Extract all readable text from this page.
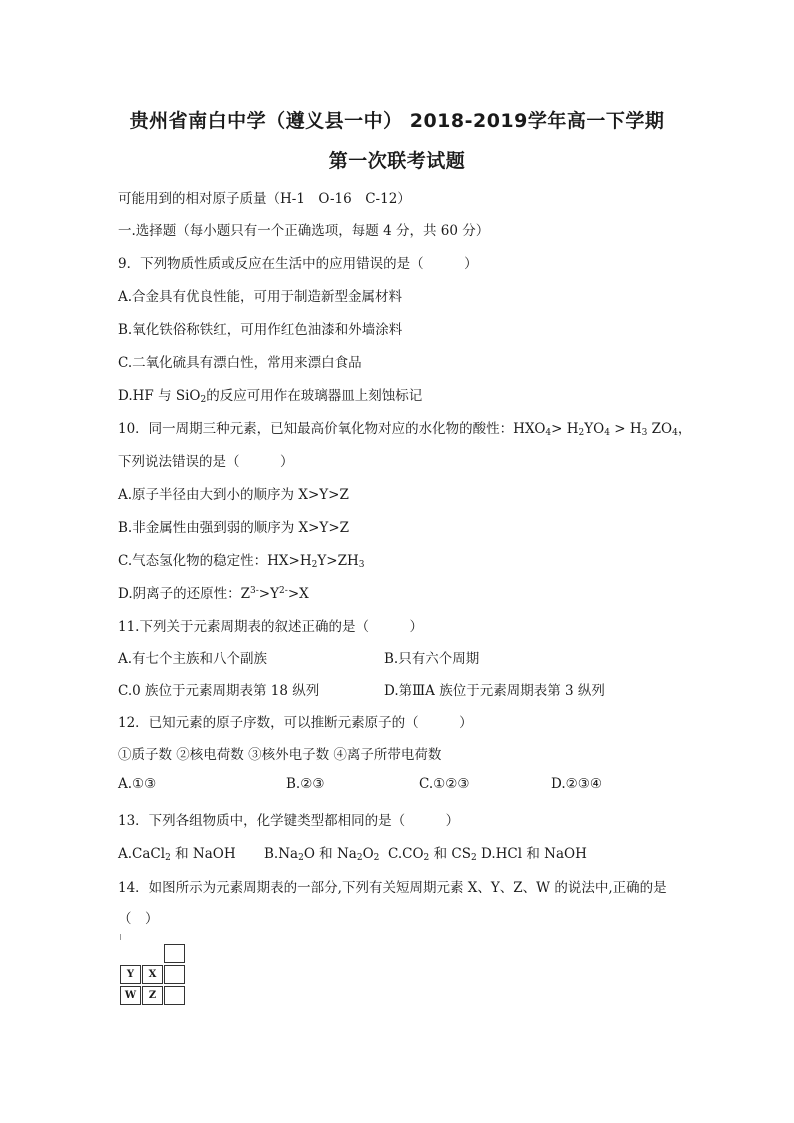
贵州省南白中学（遵义县一中） 2018-2019学年高一下学期
第一次联考试题
可能用到的相对原子质量（H-1　O-16　C-12）
一.选择题（每小题只有一个正确选项，每题 4 分，共 60 分）
9．下列物质性质或反应在生活中的应用错误的是（　　　）
A.合金具有优良性能，可用于制造新型金属材料
B.氧化铁俗称铁红，可用作红色油漆和外墙涂料
C.二氧化硫具有漂白性，常用来漂白食品
D.HF 与 SiO$_2$的反应可用作在玻璃器皿上刻蚀标记
10．同一周期三种元素，已知最高价氧化物对应的水化物的酸性：$HXO_4> H_2YO_4 > H_3$ $ZO_4$，
下列说法错误的是（　　　）
A.原子半径由大到小的顺序为 X>Y>Z
B.非金属性由强到弱的顺序为 X>Y>Z
C.气态氢化物的稳定性：$HX>H_2Y>ZH_3$
D.阴离子的还原性：$Z^{3-}>Y^{2-}>X$
11.下列关于元素周期表的叙述正确的是（　　　）
A.有七个主族和八个副族	B.只有六个周期
C.0 族位于元素周期表第 18 纵列	D.第ⅢA 族位于元素周期表第 3 纵列
12．已知元素的原子序数，可以推断元素原子的（　　　）
①质子数 ②核电荷数 ③核外电子数 ④离子所带电荷数
A.①③	B.②③	C.①②③	D.②③④
13．下列各组物质中，化学键类型都相同的是（　　　）
A.CaCl$_2$ 和 NaOH $B.Na_2O$ 和 $Na_2O_2$ $C.CO_2$ 和 $CS_2$ D.HCl 和 NaOH
14．如图所示为元素周期表的一部分,下列有关短周期元素 X、Y、Z、W 的说法中,正确的是
（　）
Y	X
W	Z
